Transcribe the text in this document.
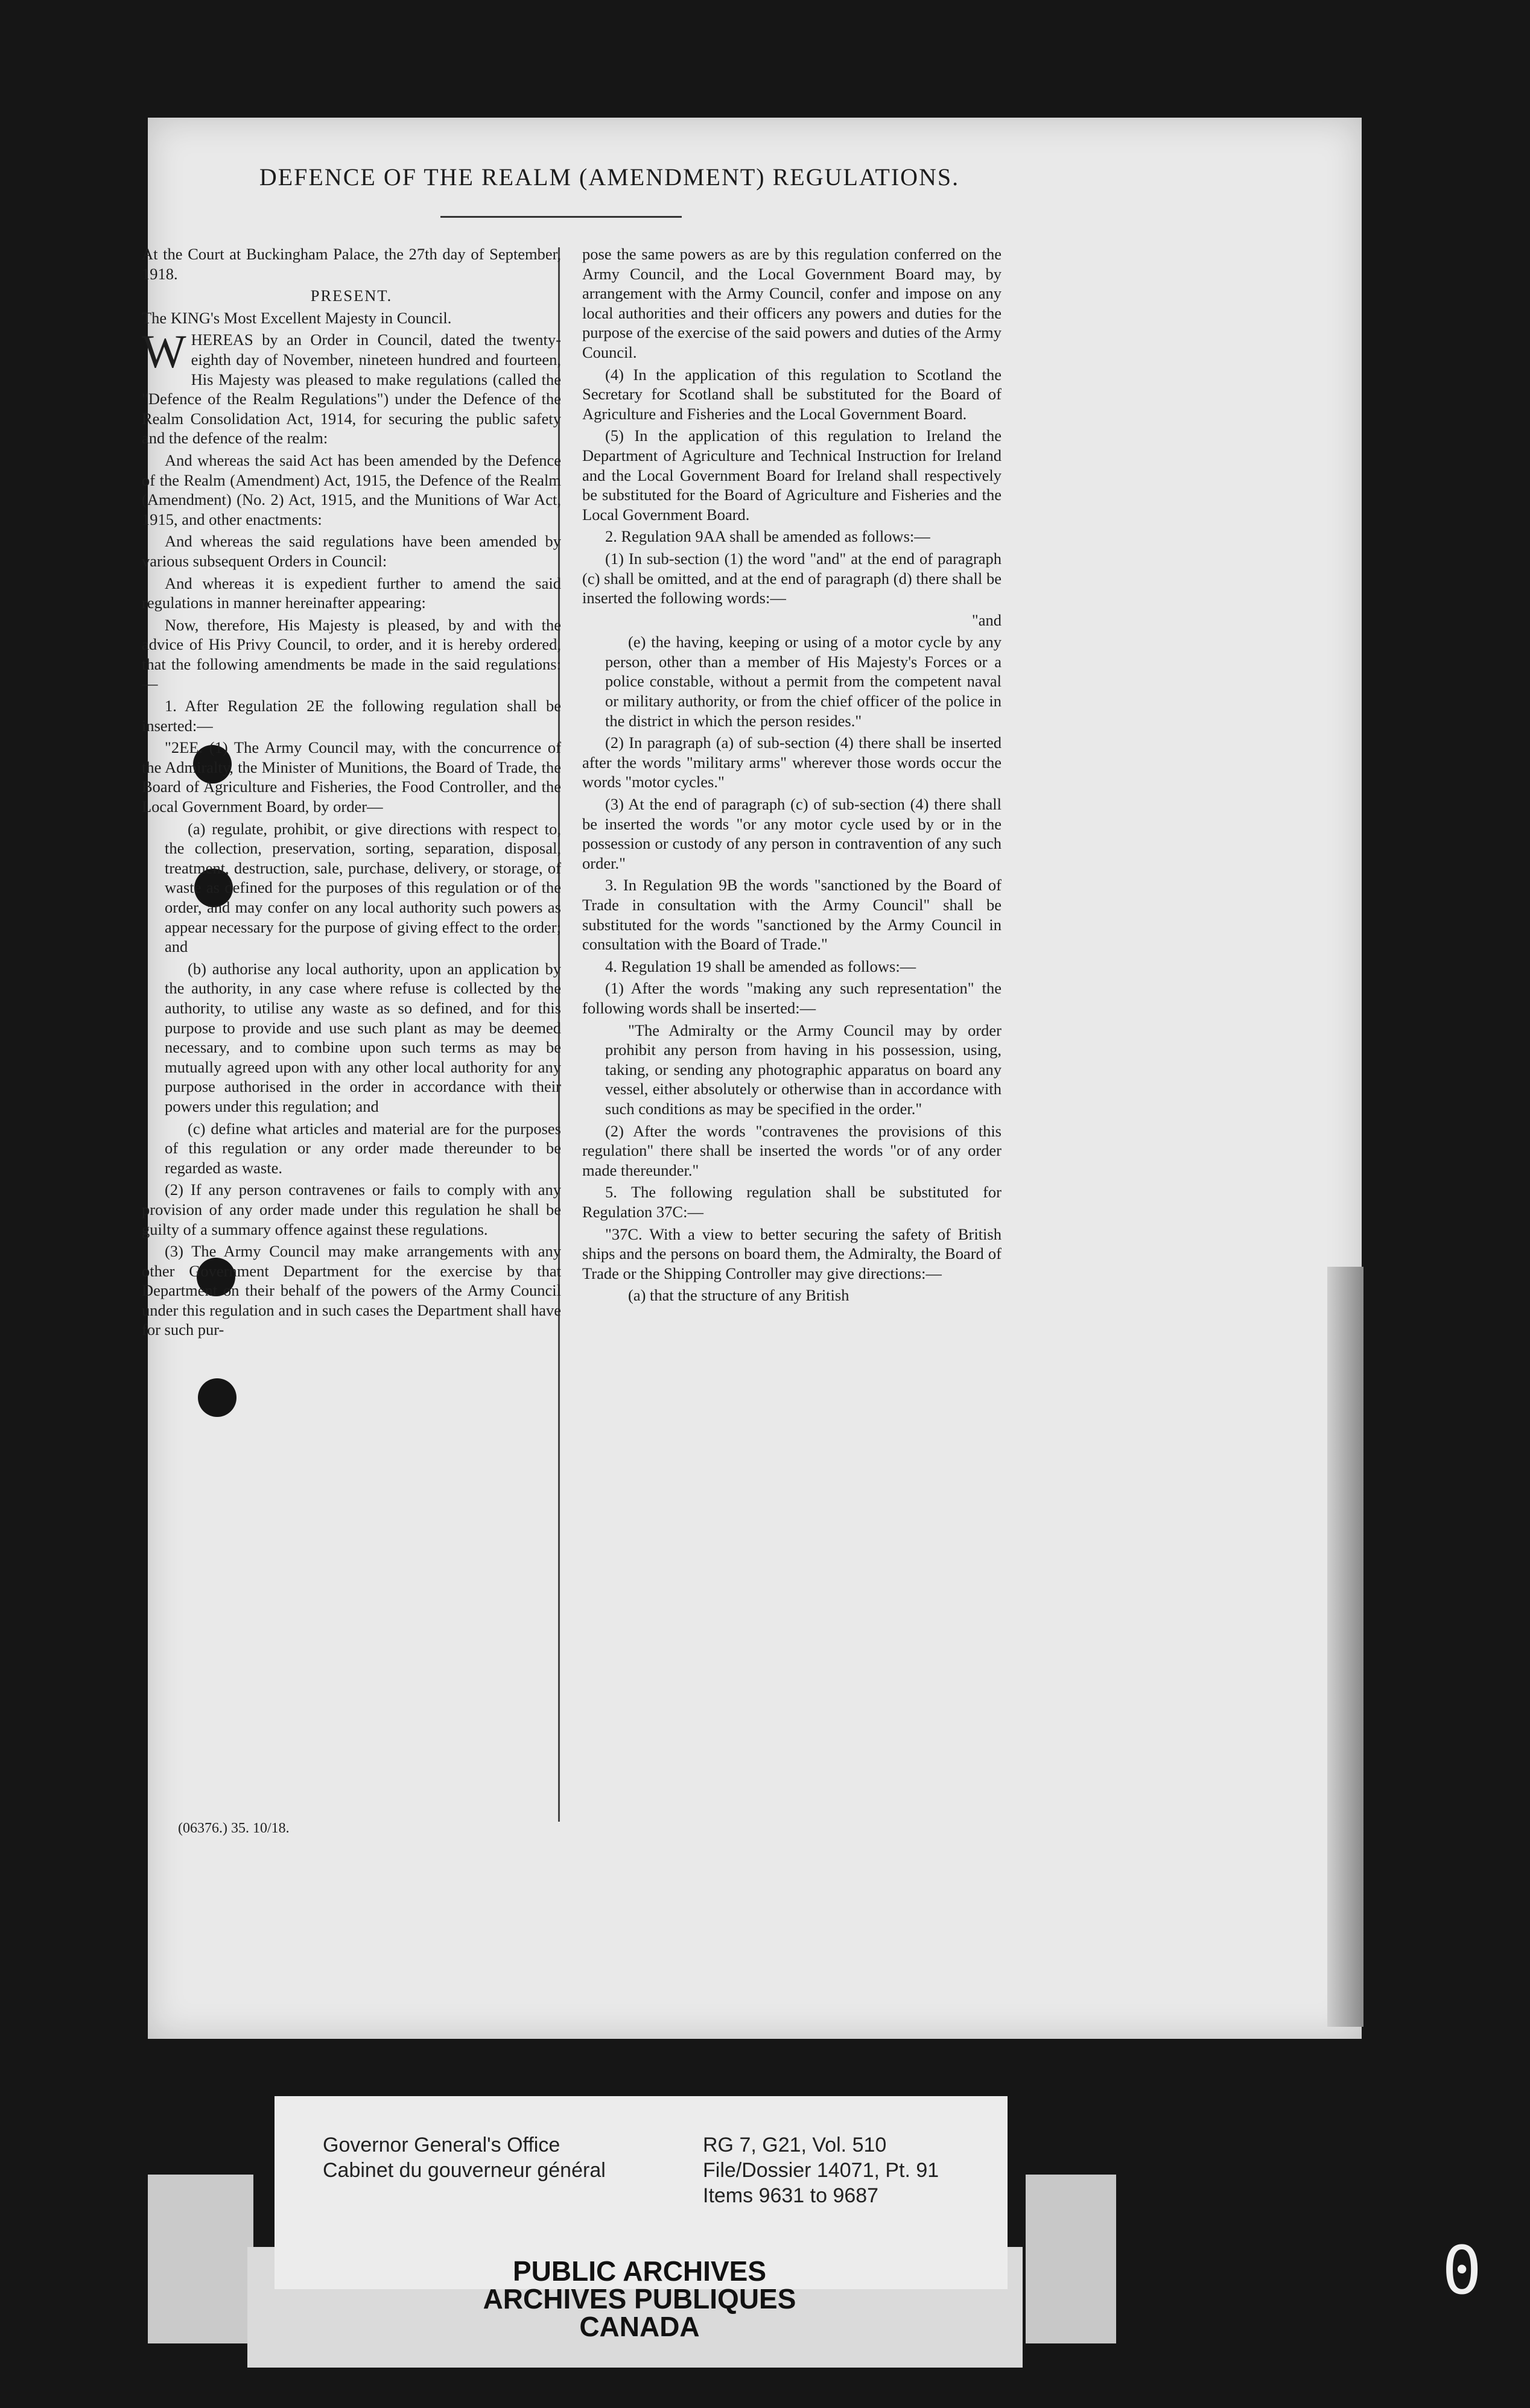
DEFENCE OF THE REALM (AMENDMENT) REGULATIONS.

At the Court at Buckingham Palace, the 27th day of September, 1918.

PRESENT.

The KING's Most Excellent Majesty in Council.

WHEREAS by an Order in Council, dated the twenty-eighth day of November, nineteen hundred and fourteen, His Majesty was pleased to make regulations (called the "Defence of the Realm Regulations") under the Defence of the Realm Consolidation Act, 1914, for securing the public safety and the defence of the realm:

And whereas the said Act has been amended by the Defence of the Realm (Amendment) Act, 1915, the Defence of the Realm (Amendment) (No. 2) Act, 1915, and the Munitions of War Act, 1915, and other enactments:

And whereas the said regulations have been amended by various subsequent Orders in Council:

And whereas it is expedient further to amend the said regulations in manner hereinafter appearing:

Now, therefore, His Majesty is pleased, by and with the advice of His Privy Council, to order, and it is hereby ordered, that the following amendments be made in the said regulations:—

1. After Regulation 2E the following regulation shall be inserted:—

"2EE. (1) The Army Council may, with the concurrence of the Admiralty, the Minister of Munitions, the Board of Trade, the Board of Agriculture and Fisheries, the Food Controller, and the Local Government Board, by order—

(a) regulate, prohibit, or give directions with respect to, the collection, preservation, sorting, separation, disposal, treatment, destruction, sale, purchase, delivery, or storage, of waste as defined for the purposes of this regulation or of the order, and may confer on any local authority such powers as appear necessary for the purpose of giving effect to the order; and

(b) authorise any local authority, upon an application by the authority, in any case where refuse is collected by the authority, to utilise any waste as so defined, and for this purpose to provide and use such plant as may be deemed necessary, and to combine upon such terms as may be mutually agreed upon with any other local authority for any purpose authorised in the order in accordance with their powers under this regulation; and

(c) define what articles and material are for the purposes of this regulation or any order made thereunder to be regarded as waste.

(2) If any person contravenes or fails to comply with any provision of any order made under this regulation he shall be guilty of a summary offence against these regulations.

(3) The Army Council may make arrangements with any other Government Department for the exercise by that Department on their behalf of the powers of the Army Council under this regulation and in such cases the Department shall have for such pur-

pose the same powers as are by this regulation conferred on the Army Council, and the Local Government Board may, by arrangement with the Army Council, confer and impose on any local authorities and their officers any powers and duties for the purpose of the exercise of the said powers and duties of the Army Council.

(4) In the application of this regulation to Scotland the Secretary for Scotland shall be substituted for the Board of Agriculture and Fisheries and the Local Government Board.

(5) In the application of this regulation to Ireland the Department of Agriculture and Technical Instruction for Ireland and the Local Government Board for Ireland shall respectively be substituted for the Board of Agriculture and Fisheries and the Local Government Board.

2. Regulation 9AA shall be amended as follows:—

(1) In sub-section (1) the word "and" at the end of paragraph (c) shall be omitted, and at the end of paragraph (d) there shall be inserted the following words:—

"and

(e) the having, keeping or using of a motor cycle by any person, other than a member of His Majesty's Forces or a police constable, without a permit from the competent naval or military authority, or from the chief officer of the police in the district in which the person resides."

(2) In paragraph (a) of sub-section (4) there shall be inserted after the words "military arms" wherever those words occur the words "motor cycles."

(3) At the end of paragraph (c) of sub-section (4) there shall be inserted the words "or any motor cycle used by or in the possession or custody of any person in contravention of any such order."

3. In Regulation 9B the words "sanctioned by the Board of Trade in consultation with the Army Council" shall be substituted for the words "sanctioned by the Army Council in consultation with the Board of Trade."

4. Regulation 19 shall be amended as follows:—

(1) After the words "making any such representation" the following words shall be inserted:—

"The Admiralty or the Army Council may by order prohibit any person from having in his possession, using, taking, or sending any photographic apparatus on board any vessel, either absolutely or otherwise than in accordance with such conditions as may be specified in the order."

(2) After the words "contravenes the provisions of this regulation" there shall be inserted the words "or of any order made thereunder."

5. The following regulation shall be substituted for Regulation 37C:—

"37C. With a view to better securing the safety of British ships and the persons on board them, the Admiralty, the Board of Trade or the Shipping Controller may give directions:—

(a) that the structure of any British

(06376.) 35. 10/18.
Governor General's Office
Cabinet du gouverneur général
RG 7, G21, Vol. 510
File/Dossier 14071, Pt. 91
Items 9631 to 9687
PUBLIC ARCHIVES
ARCHIVES PUBLIQUES
CANADA
0
